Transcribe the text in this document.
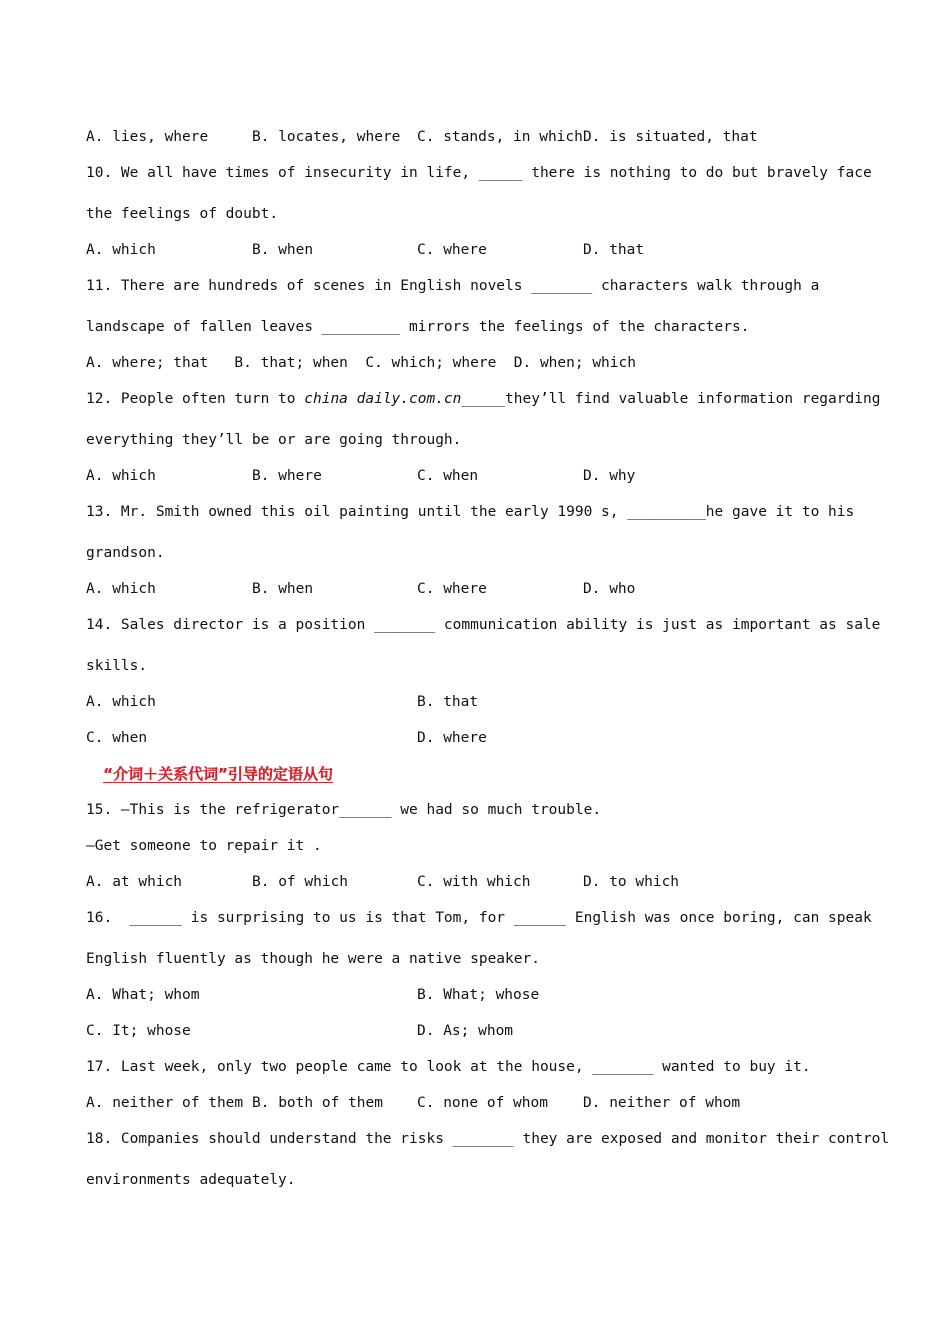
A. lies, where	B. locates, where C. stands, in which D. is situated, that
10. We all have times of insecurity in life, _____ there is nothing to do but bravely face
the feelings of doubt.
A. which	B. when	C. where	D. that
11. There are hundreds of scenes in English novels _______ characters walk through a
landscape of fallen leaves _________ mirrors the feelings of the characters.
A. where; that   B. that; when  C. which; where  D. when; which
12. People often turn to china daily.com.cn_____they’ll find valuable information regarding
everything they’ll be or are going through.
A. which	B. where	C. when	D. why
13. Mr. Smith owned this oil painting until the early 1990 s, _________he gave it to his
grandson.
A. which	B. when	C. where	D. who
14. Sales director is a position _______ communication ability is just as important as sale
skills.
A. which	B. that
C. when	D. where
“介词＋关系代词”引导的定语从句
15. —This is the refrigerator______ we had so much trouble.
—Get someone to repair it .
A. at which	B. of which	C. with which	D. to which
16.  ______ is surprising to us is that Tom, for ______ English was once boring, can speak
English fluently as though he were a native speaker.
A. What; whom	B. What; whose
C. It; whose	D. As; whom
17. Last week, only two people came to look at the house, _______ wanted to buy it.
A. neither of them B. both of them C. none of whom D. neither of whom
18. Companies should understand the risks _______ they are exposed and monitor their control
environments adequately.
